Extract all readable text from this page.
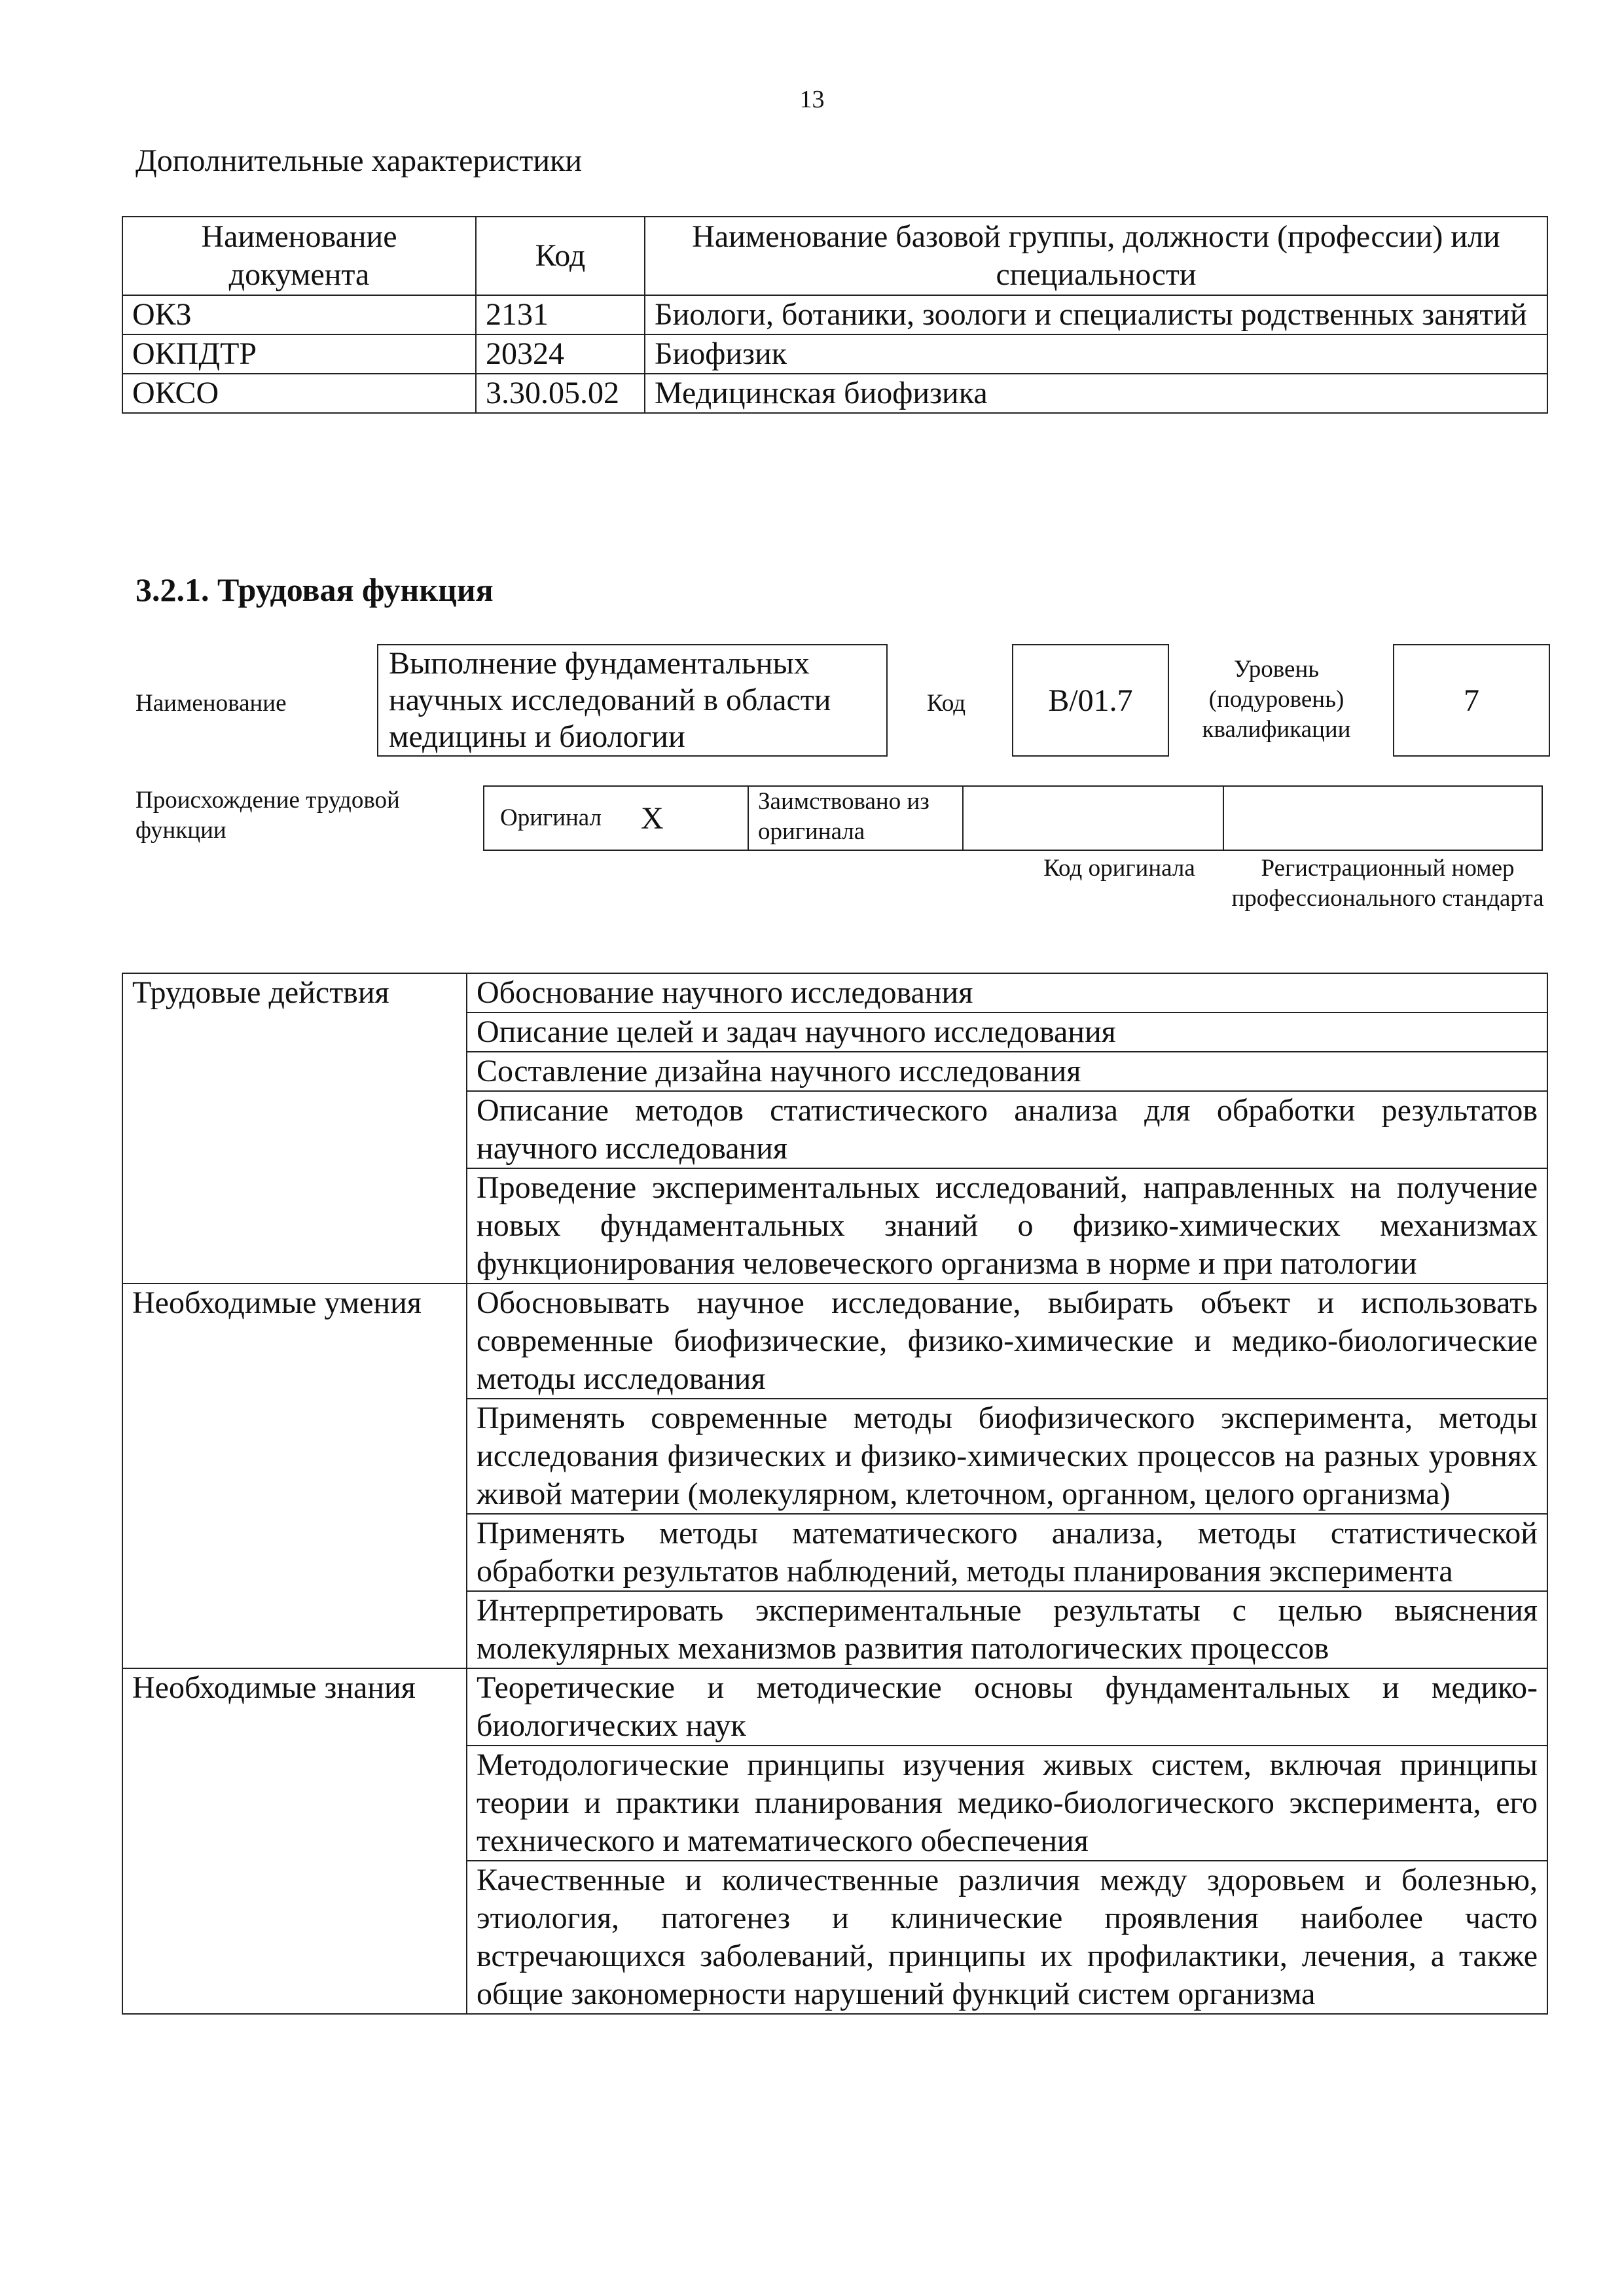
13
Дополнительные характеристики
Наименование документа	Код	Наименование базовой группы, должности (профессии) или специальности
ОКЗ	2131	Биологи, ботаники, зоологи и специалисты родственных занятий
ОКПДТР	20324	Биофизик
ОКСО	3.30.05.02	Медицинская биофизика
3.2.1. Трудовая функция
Наименование
Выполнение фундаментальных научных исследований в области медицины и биологии
Код	B/01.7
Уровень (подуровень) квалификации
7
Происхождение трудовой функции	Оригинал X	Заимствовано из оригинала
Код оригинала	Регистрационный номер профессионального стандарта
Трудовые действия	Обоснование научного исследования
	Описание целей и задач научного исследования
	Составление дизайна научного исследования
	Описание методов статистического анализа для обработки результатов научного исследования
	Проведение экспериментальных исследований, направленных на получение новых фундаментальных знаний о физико-химических механизмах функционирования человеческого организма в норме и при патологии
Необходимые умения	Обосновывать научное исследование, выбирать объект и использовать современные биофизические, физико-химические и медико-биологические методы исследования
	Применять современные методы биофизического эксперимента, методы исследования физических и физико-химических процессов на разных уровнях живой материи (молекулярном, клеточном, органном, целого организма)
	Применять методы математического анализа, методы статистической обработки результатов наблюдений, методы планирования эксперимента
	Интерпретировать экспериментальные результаты с целью выяснения молекулярных механизмов развития патологических процессов
Необходимые знания	Теоретические и методические основы фундаментальных и медико-биологических наук
	Методологические принципы изучения живых систем, включая принципы теории и практики планирования медико-биологического эксперимента, его технического и математического обеспечения
	Качественные и количественные различия между здоровьем и болезнью, этиология, патогенез и клинические проявления наиболее часто встречающихся заболеваний, принципы их профилактики, лечения, а также общие закономерности нарушений функций систем организма
